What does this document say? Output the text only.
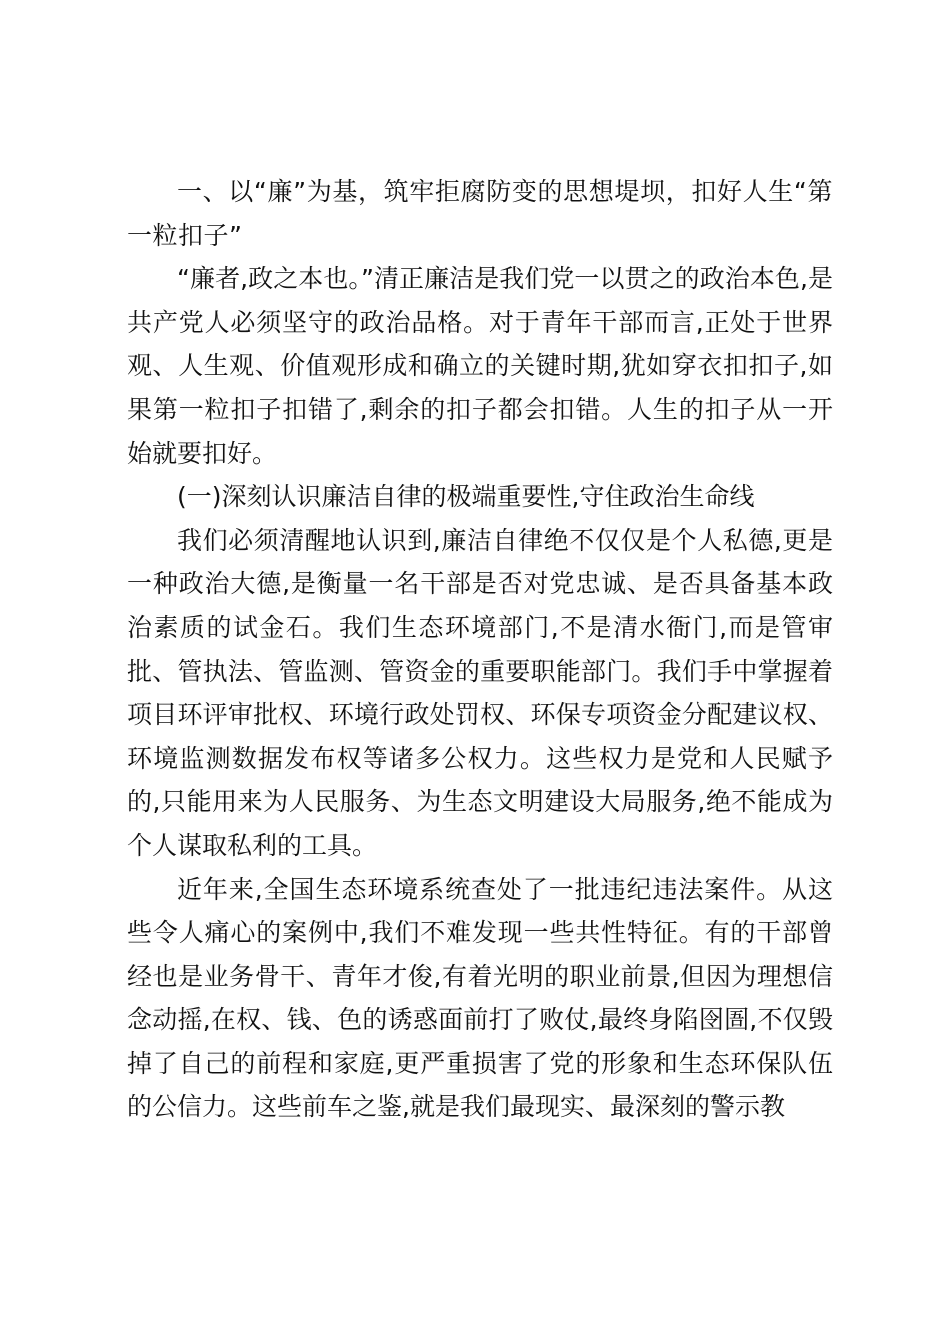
一、以“廉”为基，筑牢拒腐防变的思想堤坝，扣好人生“第一粒扣子”

“廉者,政之本也。”清正廉洁是我们党一以贯之的政治本色,是共产党人必须坚守的政治品格。对于青年干部而言,正处于世界观、人生观、价值观形成和确立的关键时期,犹如穿衣扣扣子,如果第一粒扣子扣错了,剩余的扣子都会扣错。人生的扣子从一开始就要扣好。

(一)深刻认识廉洁自律的极端重要性,守住政治生命线

我们必须清醒地认识到,廉洁自律绝不仅仅是个人私德,更是一种政治大德,是衡量一名干部是否对党忠诚、是否具备基本政治素质的试金石。我们生态环境部门,不是清水衙门,而是管审批、管执法、管监测、管资金的重要职能部门。我们手中掌握着项目环评审批权、环境行政处罚权、环保专项资金分配建议权、环境监测数据发布权等诸多公权力。这些权力是党和人民赋予的,只能用来为人民服务、为生态文明建设大局服务,绝不能成为个人谋取私利的工具。

近年来,全国生态环境系统查处了一批违纪违法案件。从这些令人痛心的案例中,我们不难发现一些共性特征。有的干部曾经也是业务骨干、青年才俊,有着光明的职业前景,但因为理想信念动摇,在权、钱、色的诱惑面前打了败仗,最终身陷囹圄,不仅毁掉了自己的前程和家庭,更严重损害了党的形象和生态环保队伍的公信力。这些前车之鉴,就是我们最现实、最深刻的警示教
